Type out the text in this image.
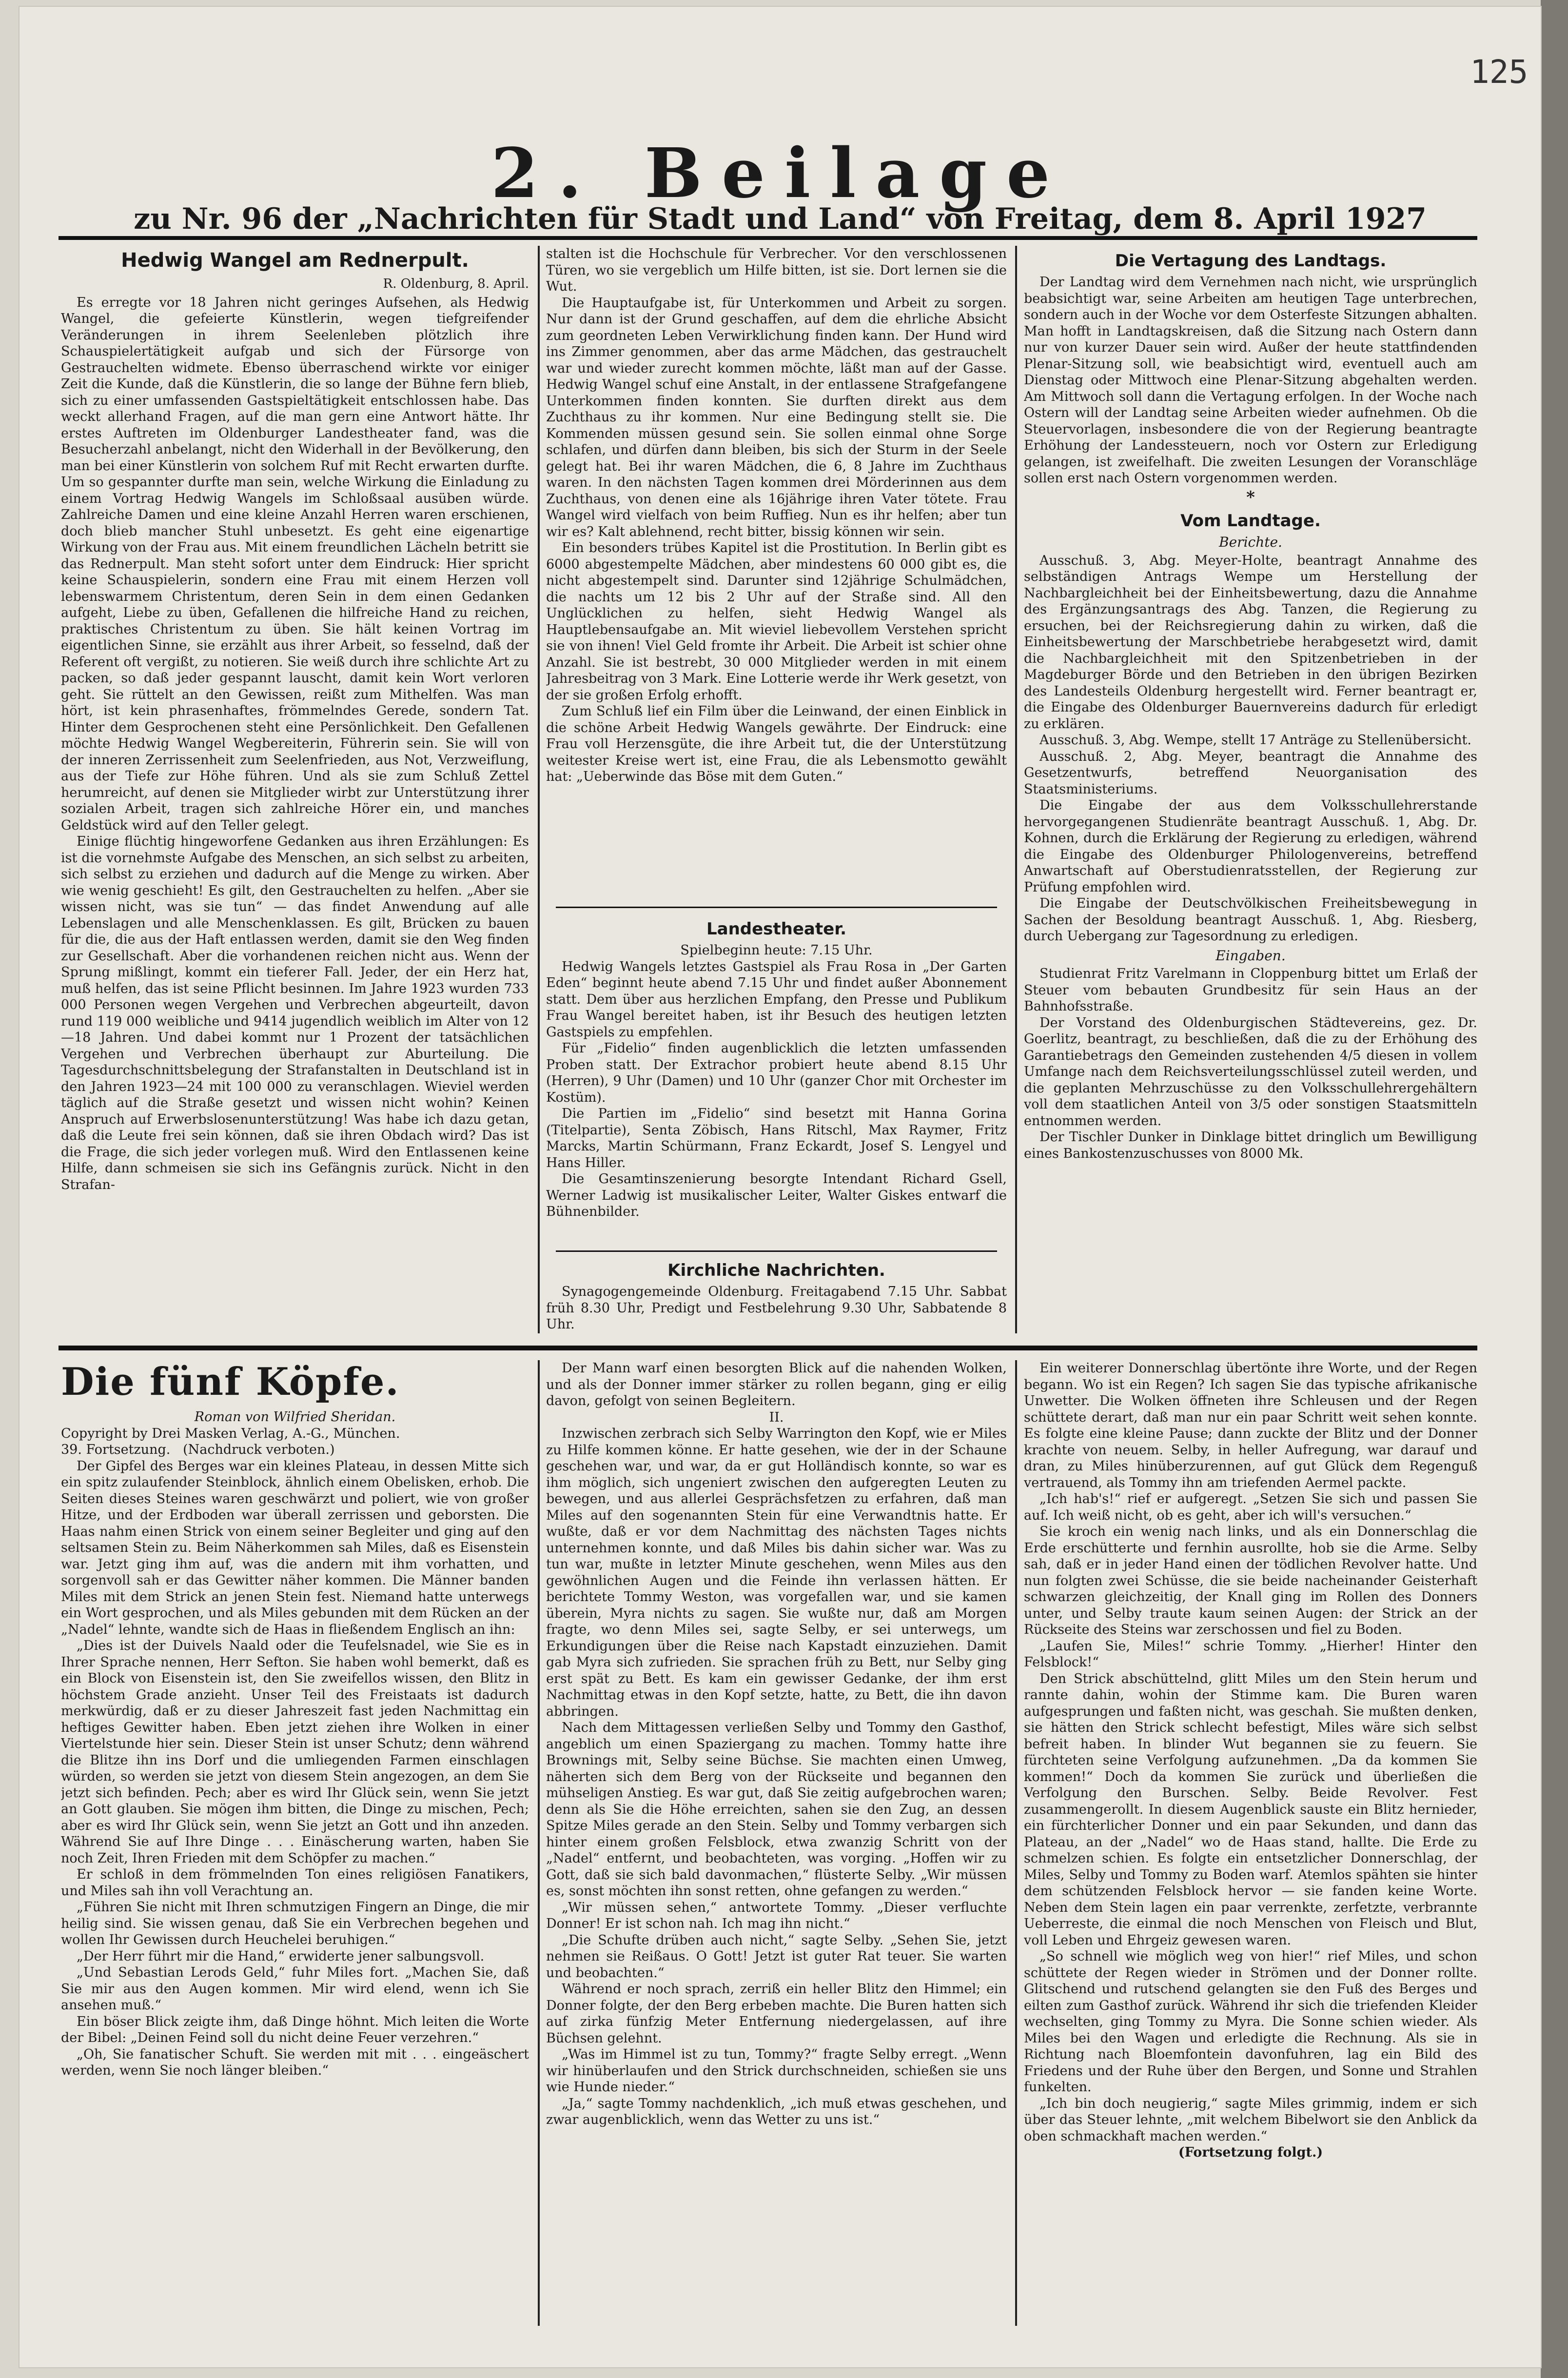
125
2. Beilage
zu Nr. 96 der „Nachrichten für Stadt und Land“ von Freitag, dem 8. April 1927
Hedwig Wangel am Rednerpult.
R. Oldenburg, 8. April.

Es erregte vor 18 Jahren nicht geringes Aufsehen, als Hedwig Wangel, die gefeierte Künstlerin, wegen tiefgreifender Veränderungen in ihrem Seelenleben plötzlich ihre Schauspielertätigkeit aufgab und sich der Fürsorge von Gestrauchelten widmete. Ebenso überraschend wirkte vor einiger Zeit die Kunde, daß die Künstlerin, die so lange der Bühne fern blieb, sich zu einer umfassenden Gastspieltätigkeit entschlossen habe. Das weckt allerhand Fragen, auf die man gern eine Antwort hätte. Ihr erstes Auftreten im Oldenburger Landestheater fand, was die Besucherzahl anbelangt, nicht den Widerhall in der Bevölkerung, den man bei einer Künstlerin von solchem Ruf mit Recht erwarten durfte. Um so gespannter durfte man sein, welche Wirkung die Einladung zu einem Vortrag Hedwig Wangels im Schloßsaal ausüben würde. Zahlreiche Damen und eine kleine Anzahl Herren waren erschienen, doch blieb mancher Stuhl unbesetzt. Es geht eine eigenartige Wirkung von der Frau aus. Mit einem freundlichen Lächeln betritt sie das Rednerpult. Man steht sofort unter dem Eindruck: Hier spricht keine Schauspielerin, sondern eine Frau mit einem Herzen voll lebenswarmem Christentum, deren Sein in dem einen Gedanken aufgeht, Liebe zu üben, Gefallenen die hilfreiche Hand zu reichen, praktisches Christentum zu üben. Sie hält keinen Vortrag im eigentlichen Sinne, sie erzählt aus ihrer Arbeit, so fesselnd, daß der Referent oft vergißt, zu notieren. Sie weiß durch ihre schlichte Art zu packen, so daß jeder gespannt lauscht, damit kein Wort verloren geht. Sie rüttelt an den Gewissen, reißt zum Mithelfen. Was man hört, ist kein phrasenhaftes, frömmelndes Gerede, sondern Tat. Hinter dem Gesprochenen steht eine Persönlichkeit. Den Gefallenen möchte Hedwig Wangel Wegbereiterin, Führerin sein. Sie will von der inneren Zerrissenheit zum Seelenfrieden, aus Not, Verzweiflung, aus der Tiefe zur Höhe führen. Und als sie zum Schluß Zettel herumreicht, auf denen sie Mitglieder wirbt zur Unterstützung ihrer sozialen Arbeit, tragen sich zahlreiche Hörer ein, und manches Geldstück wird auf den Teller gelegt.

Einige flüchtig hingeworfene Gedanken aus ihren Erzählungen: Es ist die vornehmste Aufgabe des Menschen, an sich selbst zu arbeiten, sich selbst zu erziehen und dadurch auf die Menge zu wirken. Aber wie wenig geschieht! Es gilt, den Gestrauchelten zu helfen. „Aber sie wissen nicht, was sie tun“ — das findet Anwendung auf alle Lebenslagen und alle Menschenklassen. Es gilt, Brücken zu bauen für die, die aus der Haft entlassen werden, damit sie den Weg finden zur Gesellschaft. Aber die vorhandenen reichen nicht aus. Wenn der Sprung mißlingt, kommt ein tieferer Fall. Jeder, der ein Herz hat, muß helfen, das ist seine Pflicht besinnen. Im Jahre 1923 wurden 733 000 Personen wegen Vergehen und Verbrechen abgeurteilt, davon rund 119 000 weibliche und 9414 jugendlich weiblich im Alter von 12—18 Jahren. Und dabei kommt nur 1 Prozent der tatsächlichen Vergehen und Verbrechen überhaupt zur Aburteilung. Die Tagesdurchschnittsbelegung der Strafanstalten in Deutschland ist in den Jahren 1923—24 mit 100 000 zu veranschlagen. Wieviel werden täglich auf die Straße gesetzt und wissen nicht wohin? Keinen Anspruch auf Erwerbslosenunterstützung! Was habe ich dazu getan, daß die Leute frei sein können, daß sie ihren Obdach wird? Das ist die Frage, die sich jeder vorlegen muß. Wird den Entlassenen keine Hilfe, dann schmeisen sie sich ins Gefängnis zurück. Nicht in den Strafan-

stalten ist die Hochschule für Verbrecher. Vor den verschlossenen Türen, wo sie vergeblich um Hilfe bitten, ist sie. Dort lernen sie die Wut.

Die Hauptaufgabe ist, für Unterkommen und Arbeit zu sorgen. Nur dann ist der Grund geschaffen, auf dem die ehrliche Absicht zum geordneten Leben Verwirklichung finden kann. Der Hund wird ins Zimmer genommen, aber das arme Mädchen, das gestrauchelt war und wieder zurecht kommen möchte, läßt man auf der Gasse. Hedwig Wangel schuf eine Anstalt, in der entlassene Strafgefangene Unterkommen finden konnten. Sie durften direkt aus dem Zuchthaus zu ihr kommen. Nur eine Bedingung stellt sie. Die Kommenden müssen gesund sein. Sie sollen einmal ohne Sorge schlafen, und dürfen dann bleiben, bis sich der Sturm in der Seele gelegt hat. Bei ihr waren Mädchen, die 6, 8 Jahre im Zuchthaus waren. In den nächsten Tagen kommen drei Mörderinnen aus dem Zuchthaus, von denen eine als 16jährige ihren Vater tötete. Frau Wangel wird vielfach von beim Ruffieg. Nun es ihr helfen; aber tun wir es? Kalt ablehnend, recht bitter, bissig können wir sein.

Ein besonders trübes Kapitel ist die Prostitution. In Berlin gibt es 6000 abgestempelte Mädchen, aber mindestens 60 000 gibt es, die nicht abgestempelt sind. Darunter sind 12jährige Schulmädchen, die nachts um 12 bis 2 Uhr auf der Straße sind. All den Unglücklichen zu helfen, sieht Hedwig Wangel als Hauptlebensaufgabe an. Mit wieviel liebevollem Verstehen spricht sie von ihnen! Viel Geld fromte ihr Arbeit. Die Arbeit ist schier ohne Anzahl. Sie ist bestrebt, 30 000 Mitglieder werden in mit einem Jahresbeitrag von 3 Mark. Eine Lotterie werde ihr Werk gesetzt, von der sie großen Erfolg erhofft.

Zum Schluß lief ein Film über die Leinwand, der einen Einblick in die schöne Arbeit Hedwig Wangels gewährte. Der Eindruck: eine Frau voll Herzensgüte, die ihre Arbeit tut, die der Unterstützung weitester Kreise wert ist, eine Frau, die als Lebensmotto gewählt hat: „Ueberwinde das Böse mit dem Guten.“

Landestheater.

Spielbeginn heute: 7.15 Uhr.

Hedwig Wangels letztes Gastspiel als Frau Rosa in „Der Garten Eden“ beginnt heute abend 7.15 Uhr und findet außer Abonnement statt. Dem über aus herzlichen Empfang, den Presse und Publikum Frau Wangel bereitet haben, ist ihr Besuch des heutigen letzten Gastspiels zu empfehlen.

Für „Fidelio“ finden augenblicklich die letzten umfassenden Proben statt. Der Extrachor probiert heute abend 8.15 Uhr (Herren), 9 Uhr (Damen) und 10 Uhr (ganzer Chor mit Orchester im Kostüm).

Die Partien im „Fidelio“ sind besetzt mit Hanna Gorina (Titelpartie), Senta Zöbisch, Hans Ritschl, Max Raymer, Fritz Marcks, Martin Schürmann, Franz Eckardt, Josef S. Lengyel und Hans Hiller.

Die Gesamtinszenierung besorgte Intendant Richard Gsell, Werner Ladwig ist musikalischer Leiter, Walter Giskes entwarf die Bühnenbilder.

Kirchliche Nachrichten.

Synagogengemeinde Oldenburg. Freitagabend 7.15 Uhr. Sabbat früh 8.30 Uhr, Predigt und Festbelehrung 9.30 Uhr, Sabbatende 8 Uhr.

Die Vertagung des Landtags.

Der Landtag wird dem Vernehmen nach nicht, wie ursprünglich beabsichtigt war, seine Arbeiten am heutigen Tage unterbrechen, sondern auch in der Woche vor dem Osterfeste Sitzungen abhalten. Man hofft in Landtagskreisen, daß die Sitzung nach Ostern dann nur von kurzer Dauer sein wird. Außer der heute stattfindenden Plenar-Sitzung soll, wie beabsichtigt wird, eventuell auch am Dienstag oder Mittwoch eine Plenar-Sitzung abgehalten werden. Am Mittwoch soll dann die Vertagung erfolgen. In der Woche nach Ostern will der Landtag seine Arbeiten wieder aufnehmen. Ob die Steuervorlagen, insbesondere die von der Regierung beantragte Erhöhung der Landessteuern, noch vor Ostern zur Erledigung gelangen, ist zweifelhaft. Die zweiten Lesungen der Voranschläge sollen erst nach Ostern vorgenommen werden.

*
Vom Landtage.
Berichte.

Ausschuß. 3, Abg. Meyer-Holte, beantragt Annahme des selbständigen Antrags Wempe um Herstellung der Nachbargleichheit bei der Einheitsbewertung, dazu die Annahme des Ergänzungsantrags des Abg. Tanzen, die Regierung zu ersuchen, bei der Reichsregierung dahin zu wirken, daß die Einheitsbewertung der Marschbetriebe herabgesetzt wird, damit die Nachbargleichheit mit den Spitzenbetrieben in der Magdeburger Börde und den Betrieben in den übrigen Bezirken des Landesteils Oldenburg hergestellt wird. Ferner beantragt er, die Eingabe des Oldenburger Bauernvereins dadurch für erledigt zu erklären.

Ausschuß. 3, Abg. Wempe, stellt 17 Anträge zu Stellenübersicht.

Ausschuß. 2, Abg. Meyer, beantragt die Annahme des Gesetzentwurfs, betreffend Neuorganisation des Staatsministeriums.

Die Eingabe der aus dem Volksschullehrerstande hervorgegangenen Studienräte beantragt Ausschuß. 1, Abg. Dr. Kohnen, durch die Erklärung der Regierung zu erledigen, während die Eingabe des Oldenburger Philologenvereins, betreffend Anwartschaft auf Oberstudienratsstellen, der Regierung zur Prüfung empfohlen wird.

Die Eingabe der Deutschvölkischen Freiheitsbewegung in Sachen der Besoldung beantragt Ausschuß. 1, Abg. Riesberg, durch Uebergang zur Tagesordnung zu erledigen.

Eingaben.

Studienrat Fritz Varelmann in Cloppenburg bittet um Erlaß der Steuer vom bebauten Grundbesitz für sein Haus an der Bahnhofsstraße.

Der Vorstand des Oldenburgischen Städtevereins, gez. Dr. Goerlitz, beantragt, zu beschließen, daß die zu der Erhöhung des Garantiebetrags den Gemeinden zustehenden 4/5 diesen in vollem Umfange nach dem Reichsverteilungsschlüssel zuteil werden, und die geplanten Mehrzuschüsse zu den Volksschullehrergehältern voll dem staatlichen Anteil von 3/5 oder sonstigen Staatsmitteln entnommen werden.

Der Tischler Dunker in Dinklage bittet dringlich um Bewilligung eines Bankostenzuschusses von 8000 Mk.

Die fünf Köpfe.

Roman von Wilfried Sheridan.

Copyright by Drei Masken Verlag, A.-G., München.

39. Fortsetzung. (Nachdruck verboten.)

Der Gipfel des Berges war ein kleines Plateau, in dessen Mitte sich ein spitz zulaufender Steinblock, ähnlich einem Obelisken, erhob. Die Seiten dieses Steines waren geschwärzt und poliert, wie von großer Hitze, und der Erdboden war überall zerrissen und geborsten. Die Haas nahm einen Strick von einem seiner Begleiter und ging auf den seltsamen Stein zu. Beim Näherkommen sah Miles, daß es Eisenstein war. Jetzt ging ihm auf, was die andern mit ihm vorhatten, und sorgenvoll sah er das Gewitter näher kommen. Die Männer banden Miles mit dem Strick an jenen Stein fest. Niemand hatte unterwegs ein Wort gesprochen, und als Miles gebunden mit dem Rücken an der „Nadel“ lehnte, wandte sich de Haas in fließendem Englisch an ihn:

„Dies ist der Duivels Naald oder die Teufelsnadel, wie Sie es in Ihrer Sprache nennen, Herr Sefton. Sie haben wohl bemerkt, daß es ein Block von Eisenstein ist, den Sie zweifellos wissen, den Blitz in höchstem Grade anzieht. Unser Teil des Freistaats ist dadurch merkwürdig, daß er zu dieser Jahreszeit fast jeden Nachmittag ein heftiges Gewitter haben. Eben jetzt ziehen ihre Wolken in einer Viertelstunde hier sein. Dieser Stein ist unser Schutz; denn während die Blitze ihn ins Dorf und die umliegenden Farmen einschlagen würden, so werden sie jetzt von diesem Stein angezogen, an dem Sie jetzt sich befinden. Pech; aber es wird Ihr Glück sein, wenn Sie jetzt an Gott glauben. Sie mögen ihm bitten, die Dinge zu mischen, Pech; aber es wird Ihr Glück sein, wenn Sie jetzt an Gott und ihn anzeden. Während Sie auf Ihre Dinge . . . Einäscherung warten, haben Sie noch Zeit, Ihren Frieden mit dem Schöpfer zu machen.“

Er schloß in dem frömmelnden Ton eines religiösen Fanatikers, und Miles sah ihn voll Verachtung an.

„Führen Sie nicht mit Ihren schmutzigen Fingern an Dinge, die mir heilig sind. Sie wissen genau, daß Sie ein Verbrechen begehen und wollen Ihr Gewissen durch Heuchelei beruhigen.“

„Der Herr führt mir die Hand,“ erwiderte jener salbungsvoll.

„Und Sebastian Lerods Geld,“ fuhr Miles fort. „Machen Sie, daß Sie mir aus den Augen kommen. Mir wird elend, wenn ich Sie ansehen muß.“

Ein böser Blick zeigte ihm, daß Dinge höhnt. Mich leiten die Worte der Bibel: „Deinen Feind soll du nicht deine Feuer verzehren.“

„Oh, Sie fanatischer Schuft. Sie werden mit mit . . . eingeäschert werden, wenn Sie noch länger bleiben.“

Der Mann warf einen besorgten Blick auf die nahenden Wolken, und als der Donner immer stärker zu rollen begann, ging er eilig davon, gefolgt von seinen Begleitern.

II.

Inzwischen zerbrach sich Selby Warrington den Kopf, wie er Miles zu Hilfe kommen könne. Er hatte gesehen, wie der in der Schaune geschehen war, und war, da er gut Holländisch konnte, so war es ihm möglich, sich ungeniert zwischen den aufgeregten Leuten zu bewegen, und aus allerlei Gesprächsfetzen zu erfahren, daß man Miles auf den sogenannten Stein für eine Verwandtnis hatte. Er wußte, daß er vor dem Nachmittag des nächsten Tages nichts unternehmen konnte, und daß Miles bis dahin sicher war. Was zu tun war, mußte in letzter Minute geschehen, wenn Miles aus den gewöhnlichen Augen und die Feinde ihn verlassen hätten. Er berichtete Tommy Weston, was vorgefallen war, und sie kamen überein, Myra nichts zu sagen. Sie wußte nur, daß am Morgen fragte, wo denn Miles sei, sagte Selby, er sei unterwegs, um Erkundigungen über die Reise nach Kapstadt einzuziehen. Damit gab Myra sich zufrieden. Sie sprachen früh zu Bett, nur Selby ging erst spät zu Bett. Es kam ein gewisser Gedanke, der ihm erst Nachmittag etwas in den Kopf setzte, hatte, zu Bett, die ihn davon abbringen.

Nach dem Mittagessen verließen Selby und Tommy den Gasthof, angeblich um einen Spaziergang zu machen. Tommy hatte ihre Brownings mit, Selby seine Büchse. Sie machten einen Umweg, näherten sich dem Berg von der Rückseite und begannen den mühseligen Anstieg. Es war gut, daß Sie zeitig aufgebrochen waren; denn als Sie die Höhe erreichten, sahen sie den Zug, an dessen Spitze Miles gerade an den Stein. Selby und Tommy verbargen sich hinter einem großen Felsblock, etwa zwanzig Schritt von der „Nadel“ entfernt, und beobachteten, was vorging. „Hoffen wir zu Gott, daß sie sich bald davonmachen,“ flüsterte Selby. „Wir müssen es, sonst möchten ihn sonst retten, ohne gefangen zu werden.“

„Wir müssen sehen,“ antwortete Tommy. „Dieser verfluchte Donner! Er ist schon nah. Ich mag ihn nicht.“

„Die Schufte drüben auch nicht,“ sagte Selby. „Sehen Sie, jetzt nehmen sie Reißaus. O Gott! Jetzt ist guter Rat teuer. Sie warten und beobachten.“

Während er noch sprach, zerriß ein heller Blitz den Himmel; ein Donner folgte, der den Berg erbeben machte. Die Buren hatten sich auf zirka fünfzig Meter Entfernung niedergelassen, auf ihre Büchsen gelehnt.

„Was im Himmel ist zu tun, Tommy?“ fragte Selby erregt. „Wenn wir hinüberlaufen und den Strick durchschneiden, schießen sie uns wie Hunde nieder.“

„Ja,“ sagte Tommy nachdenklich, „ich muß etwas geschehen, und zwar augenblicklich, wenn das Wetter zu uns ist.“

Ein weiterer Donnerschlag übertönte ihre Worte, und der Regen begann. Wo ist ein Regen? Ich sagen Sie das typische afrikanische Unwetter. Die Wolken öffneten ihre Schleusen und der Regen schüttete derart, daß man nur ein paar Schritt weit sehen konnte. Es folgte eine kleine Pause; dann zuckte der Blitz und der Donner krachte von neuem. Selby, in heller Aufregung, war darauf und dran, zu Miles hinüberzurennen, auf gut Glück dem Regenguß vertrauend, als Tommy ihn am triefenden Aermel packte.

„Ich hab's!“ rief er aufgeregt. „Setzen Sie sich und passen Sie auf. Ich weiß nicht, ob es geht, aber ich will's versuchen.“

Sie kroch ein wenig nach links, und als ein Donnerschlag die Erde erschütterte und fernhin ausrollte, hob sie die Arme. Selby sah, daß er in jeder Hand einen der tödlichen Revolver hatte. Und nun folgten zwei Schüsse, die sie beide nacheinander Geisterhaft schwarzen gleichzeitig, der Knall ging im Rollen des Donners unter, und Selby traute kaum seinen Augen: der Strick an der Rückseite des Steins war zerschossen und fiel zu Boden.

„Laufen Sie, Miles!“ schrie Tommy. „Hierher! Hinter den Felsblock!“

Den Strick abschüttelnd, glitt Miles um den Stein herum und rannte dahin, wohin der Stimme kam. Die Buren waren aufgesprungen und faßten nicht, was geschah. Sie mußten denken, sie hätten den Strick schlecht befestigt, Miles wäre sich selbst befreit haben. In blinder Wut begannen sie zu feuern. Sie fürchteten seine Verfolgung aufzunehmen. „Da da kommen Sie kommen!“ Doch da kommen Sie zurück und überließen die Verfolgung den Burschen. Selby. Beide Revolver. Fest zusammengerollt. In diesem Augenblick sauste ein Blitz hernieder, ein fürchterlicher Donner und ein paar Sekunden, und dann das Plateau, an der „Nadel“ wo de Haas stand, hallte. Die Erde zu schmelzen schien. Es folgte ein entsetzlicher Donnerschlag, der Miles, Selby und Tommy zu Boden warf. Atemlos spähten sie hinter dem schützenden Felsblock hervor — sie fanden keine Worte. Neben dem Stein lagen ein paar verrenkte, zerfetzte, verbrannte Ueberreste, die einmal die noch Menschen von Fleisch und Blut, voll Leben und Ehrgeiz gewesen waren.

„So schnell wie möglich weg von hier!“ rief Miles, und schon schüttete der Regen wieder in Strömen und der Donner rollte. Glitschend und rutschend gelangten sie den Fuß des Berges und eilten zum Gasthof zurück. Während ihr sich die triefenden Kleider wechselten, ging Tommy zu Myra. Die Sonne schien wieder. Als Miles bei den Wagen und erledigte die Rechnung. Als sie in Richtung nach Bloemfontein davonfuhren, lag ein Bild des Friedens und der Ruhe über den Bergen, und Sonne und Strahlen funkelten.

„Ich bin doch neugierig,“ sagte Miles grimmig, indem er sich über das Steuer lehnte, „mit welchem Bibelwort sie den Anblick da oben schmackhaft machen werden.“

(Fortsetzung folgt.)
